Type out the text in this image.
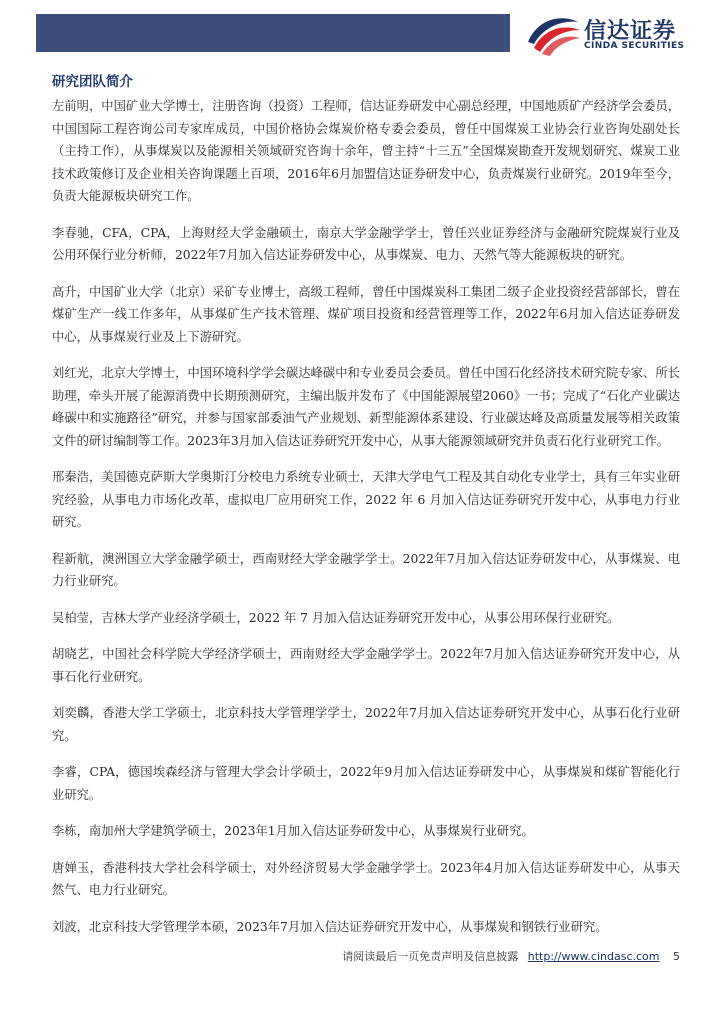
信达证券
CINDA SECURITIES
研究团队简介

左前明，中国矿业大学博士，注册咨询（投资）工程师，信达证券研发中心副总经理，中国地质矿产经济学会委员，中国国际工程咨询公司专家库成员，中国价格协会煤炭价格专委会委员，曾任中国煤炭工业协会行业咨询处副处长（主持工作），从事煤炭以及能源相关领域研究咨询十余年，曾主持“十三五”全国煤炭勘查开发规划研究、煤炭工业技术政策修订及企业相关咨询课题上百项，2016年6月加盟信达证券研发中心，负责煤炭行业研究。2019年至今，负责大能源板块研究工作。

李春驰，CFA，CPA，上海财经大学金融硕士，南京大学金融学学士，曾任兴业证券经济与金融研究院煤炭行业及公用环保行业分析师，2022年7月加入信达证券研发中心，从事煤炭、电力、天然气等大能源板块的研究。

高升，中国矿业大学（北京）采矿专业博士，高级工程师，曾任中国煤炭科工集团二级子企业投资经营部部长，曾在煤矿生产一线工作多年，从事煤矿生产技术管理、煤矿项目投资和经营管理等工作，2022年6月加入信达证券研发中心，从事煤炭行业及上下游研究。

刘红光，北京大学博士，中国环境科学学会碳达峰碳中和专业委员会委员。曾任中国石化经济技术研究院专家、所长助理，牵头开展了能源消费中长期预测研究，主编出版并发布了《中国能源展望2060》一书；完成了“石化产业碳达峰碳中和实施路径”研究，并参与国家部委油气产业规划、新型能源体系建设、行业碳达峰及高质量发展等相关政策文件的研讨编制等工作。2023年3月加入信达证券研究开发中心，从事大能源领域研究并负责石化行业研究工作。

邢秦浩，美国德克萨斯大学奥斯汀分校电力系统专业硕士，天津大学电气工程及其自动化专业学士，具有三年实业研究经验，从事电力市场化改革，虚拟电厂应用研究工作，2022 年 6 月加入信达证券研究开发中心，从事电力行业研究。

程新航，澳洲国立大学金融学硕士，西南财经大学金融学学士。2022年7月加入信达证券研发中心，从事煤炭、电力行业研究。

吴柏莹，吉林大学产业经济学硕士，2022 年 7 月加入信达证券研究开发中心，从事公用环保行业研究。

胡晓艺，中国社会科学院大学经济学硕士，西南财经大学金融学学士。2022年7月加入信达证券研究开发中心，从事石化行业研究。

刘奕麟，香港大学工学硕士，北京科技大学管理学学士，2022年7月加入信达证券研究开发中心，从事石化行业研究。

李睿，CPA，德国埃森经济与管理大学会计学硕士，2022年9月加入信达证券研发中心，从事煤炭和煤矿智能化行业研究。

李栋，南加州大学建筑学硕士，2023年1月加入信达证券研发中心，从事煤炭行业研究。

唐婵玉，香港科技大学社会科学硕士，对外经济贸易大学金融学学士。2023年4月加入信达证券研发中心，从事天然气、电力行业研究。

刘波，北京科技大学管理学本硕，2023年7月加入信达证券研究开发中心，从事煤炭和钢铁行业研究。

请阅读最后一页免责声明及信息披露 http://www.cindasc.com 5
